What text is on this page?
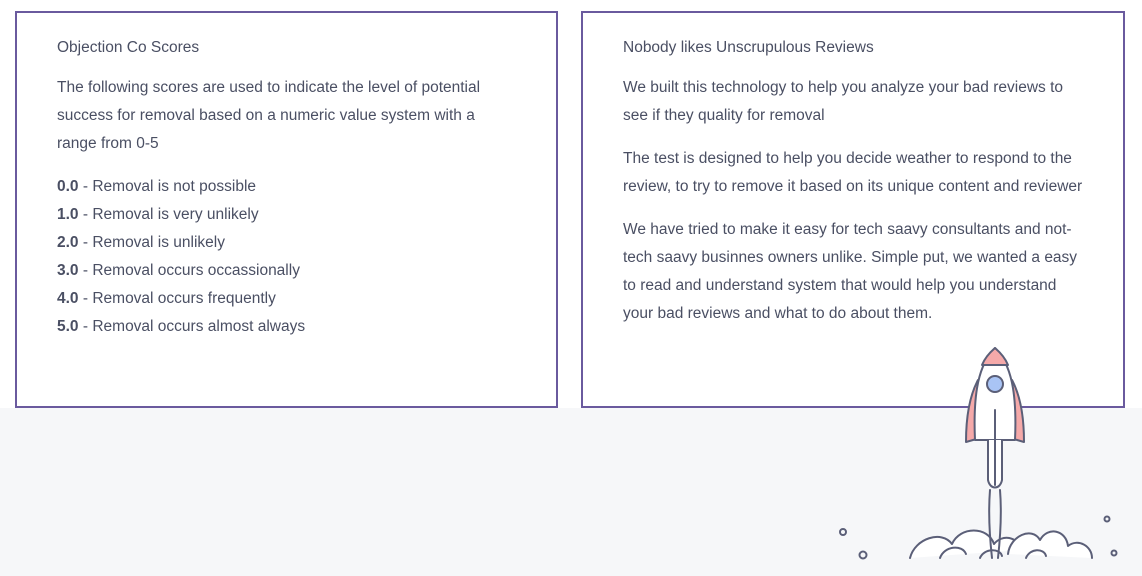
Objection Co Scores

The following scores are used to indicate the level of potential success for removal based on a numeric value system with a range from 0-5

0.0 - Removal is not possible
1.0 - Removal is very unlikely
2.0 - Removal is unlikely
3.0 - Removal occurs occassionally
4.0 - Removal occurs frequently
5.0 - Removal occurs almost always
Nobody likes Unscrupulous Reviews

We built this technology to help you analyze your bad reviews to see if they quality for removal

The test is designed to help you decide weather to respond to the review, to try to remove it based on its unique content and reviewer

We have tried to make it easy for tech saavy consultants and not-tech saavy businnes owners unlike. Simple put, we wanted a easy to read and understand system that would help you understand your bad reviews and what to do about them.
